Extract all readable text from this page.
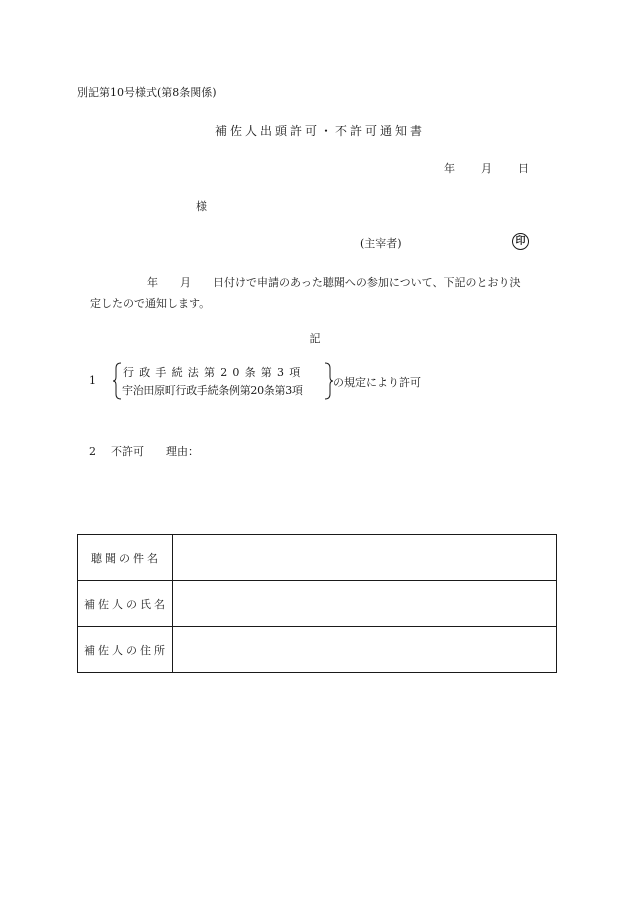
別記第10号様式(第8条関係)
補佐人出頭許可・不許可通知書
年 月 日
様
(主宰者)	印
年　　月　　日付けで申請のあった聴聞への参加について、下記のとおり決
定したので通知します。
記
1
行政手続法第20条第3項
宇治田原町行政手続条例第20条第3項
の規定により許可
2 不許可 理由：
聴聞の件名	
補佐人の氏名	
補佐人の住所	
